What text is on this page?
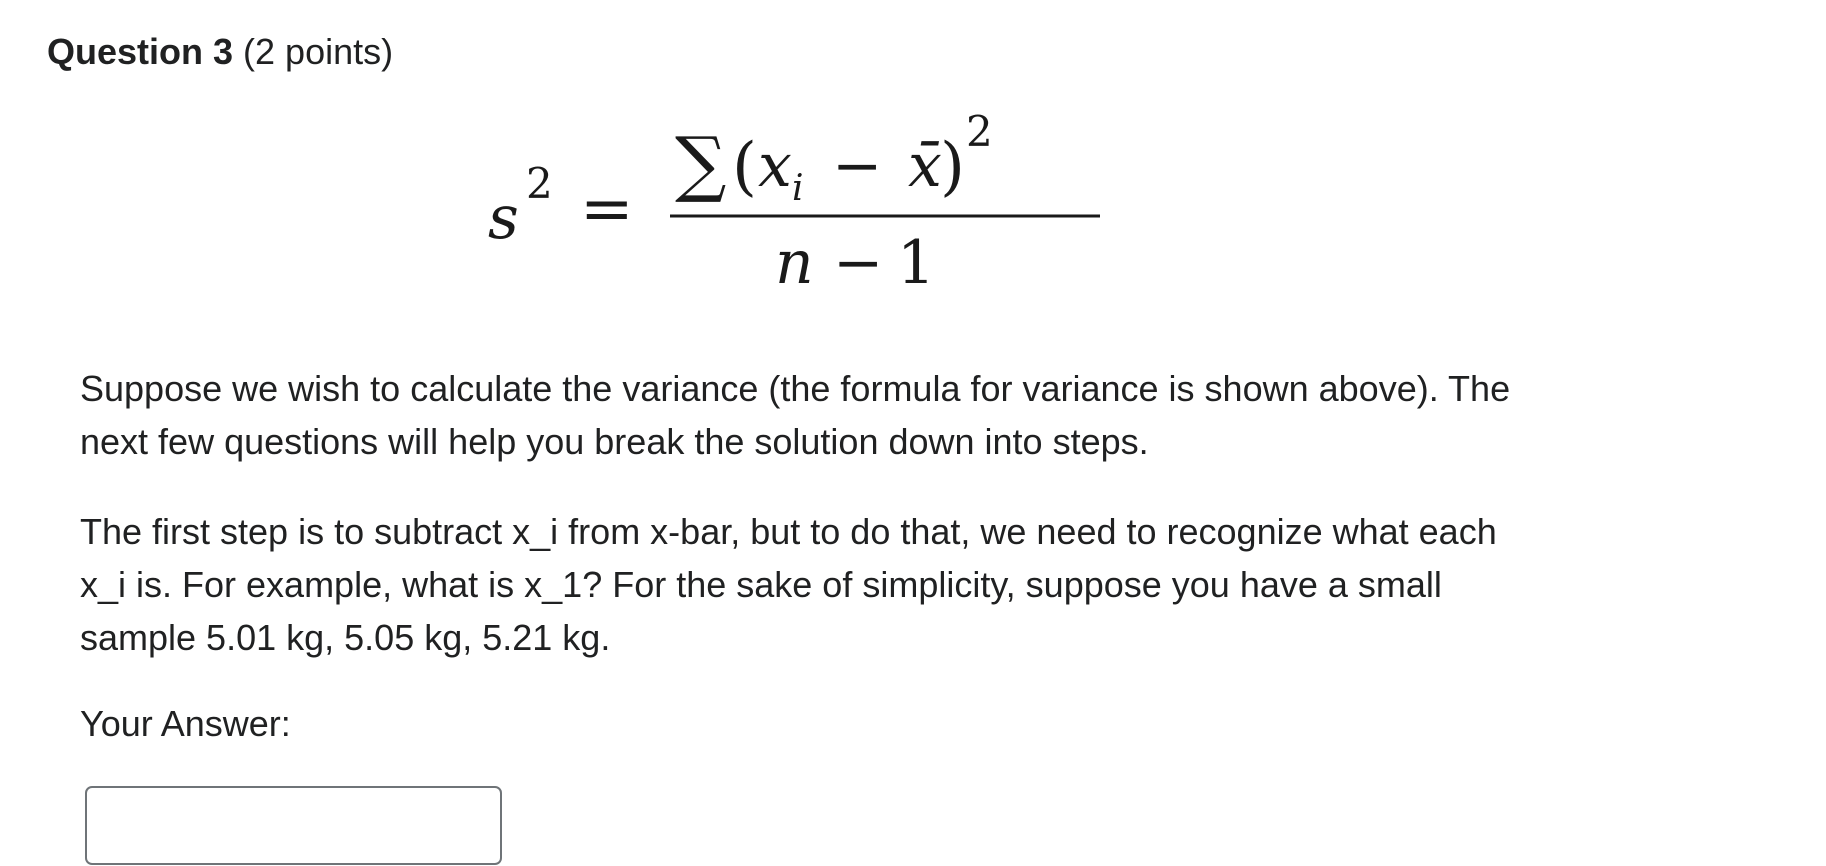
Question 3 (2 points)
s 2 =
∑ ( x i − x̄
) 2
n − 1

Suppose we wish to calculate the variance (the formula for variance is shown above). The next few questions will help you break the solution down into steps.

The first step is to subtract x_i from x-bar, but to do that, we need to recognize what each x_i is. For example, what is x_1? For the sake of simplicity, suppose you have a small sample 5.01 kg, 5.05 kg, 5.21 kg.

Your Answer:
